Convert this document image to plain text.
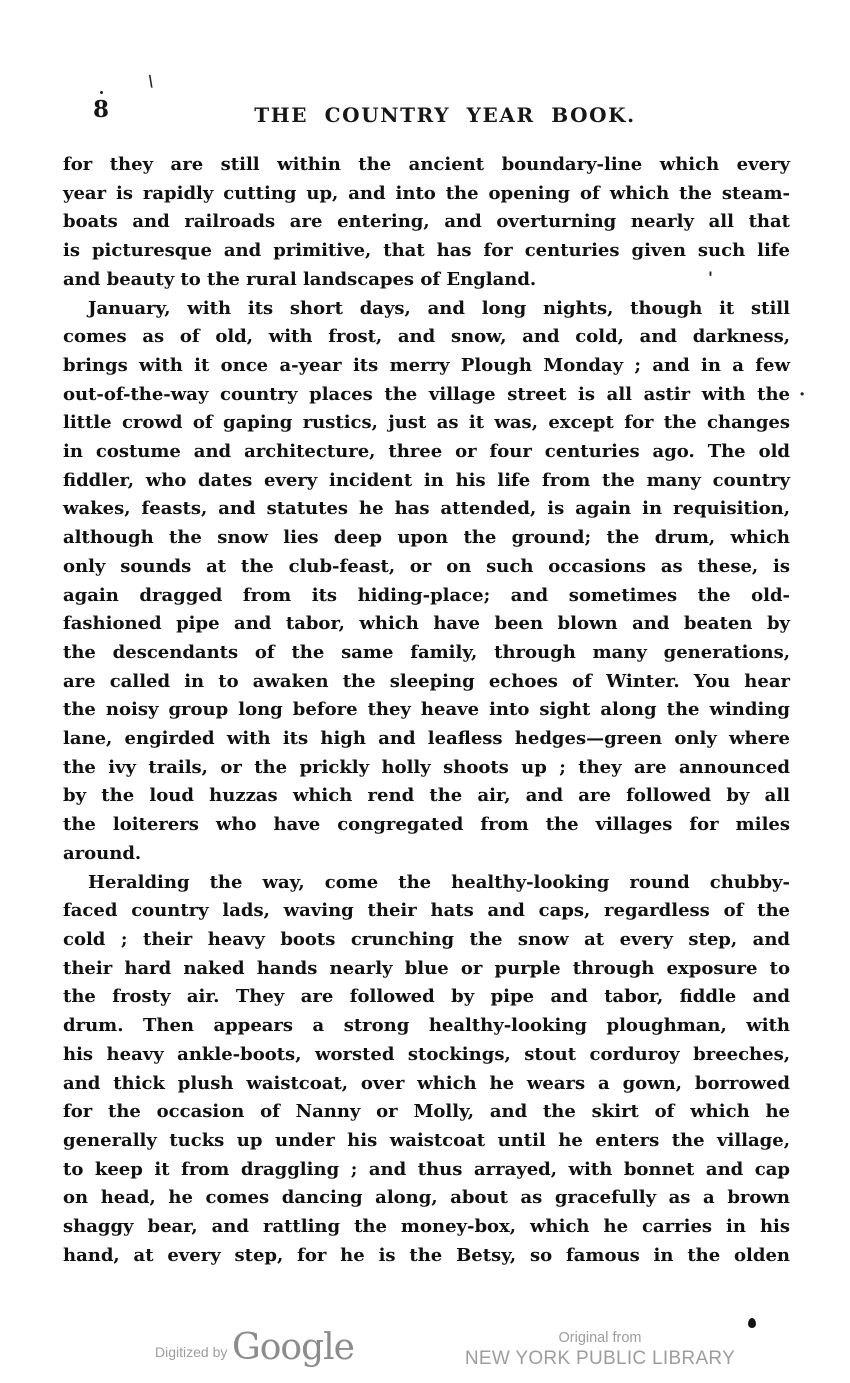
8	THE COUNTRY YEAR BOOK.
for they are still within the ancient boundary-line which every
year is rapidly cutting up, and into the opening of which the steam-
boats and railroads are entering, and overturning nearly all that
is picturesque and primitive, that has for centuries given such life
and beauty to the rural landscapes of England.
January, with its short days, and long nights, though it still
comes as of old, with frost, and snow, and cold, and darkness,
brings with it once a-year its merry Plough Monday ; and in a few
out-of-the-way country places the village street is all astir with the
little crowd of gaping rustics, just as it was, except for the changes
in costume and architecture, three or four centuries ago. The old
fiddler, who dates every incident in his life from the many country
wakes, feasts, and statutes he has attended, is again in requisition,
although the snow lies deep upon the ground; the drum, which
only sounds at the club-feast, or on such occasions as these, is
again dragged from its hiding-place; and sometimes the old-
fashioned pipe and tabor, which have been blown and beaten by
the descendants of the same family, through many generations,
are called in to awaken the sleeping echoes of Winter. You hear
the noisy group long before they heave into sight along the winding
lane, engirded with its high and leafless hedges—green only where
the ivy trails, or the prickly holly shoots up ; they are announced
by the loud huzzas which rend the air, and are followed by all
the loiterers who have congregated from the villages for miles
around.
Heralding the way, come the healthy-looking round chubby-
faced country lads, waving their hats and caps, regardless of the
cold ; their heavy boots crunching the snow at every step, and
their hard naked hands nearly blue or purple through exposure to
the frosty air. They are followed by pipe and tabor, fiddle and
drum. Then appears a strong healthy-looking ploughman, with
his heavy ankle-boots, worsted stockings, stout corduroy breeches,
and thick plush waistcoat, over which he wears a gown, borrowed
for the occasion of Nanny or Molly, and the skirt of which he
generally tucks up under his waistcoat until he enters the village,
to keep it from draggling ; and thus arrayed, with bonnet and cap
on head, he comes dancing along, about as gracefully as a brown
shaggy bear, and rattling the money-box, which he carries in his
hand, at every step, for he is the Betsy, so famous in the olden
\
'
·
Digitized by Google	Original from
NEW YORK PUBLIC LIBRARY
